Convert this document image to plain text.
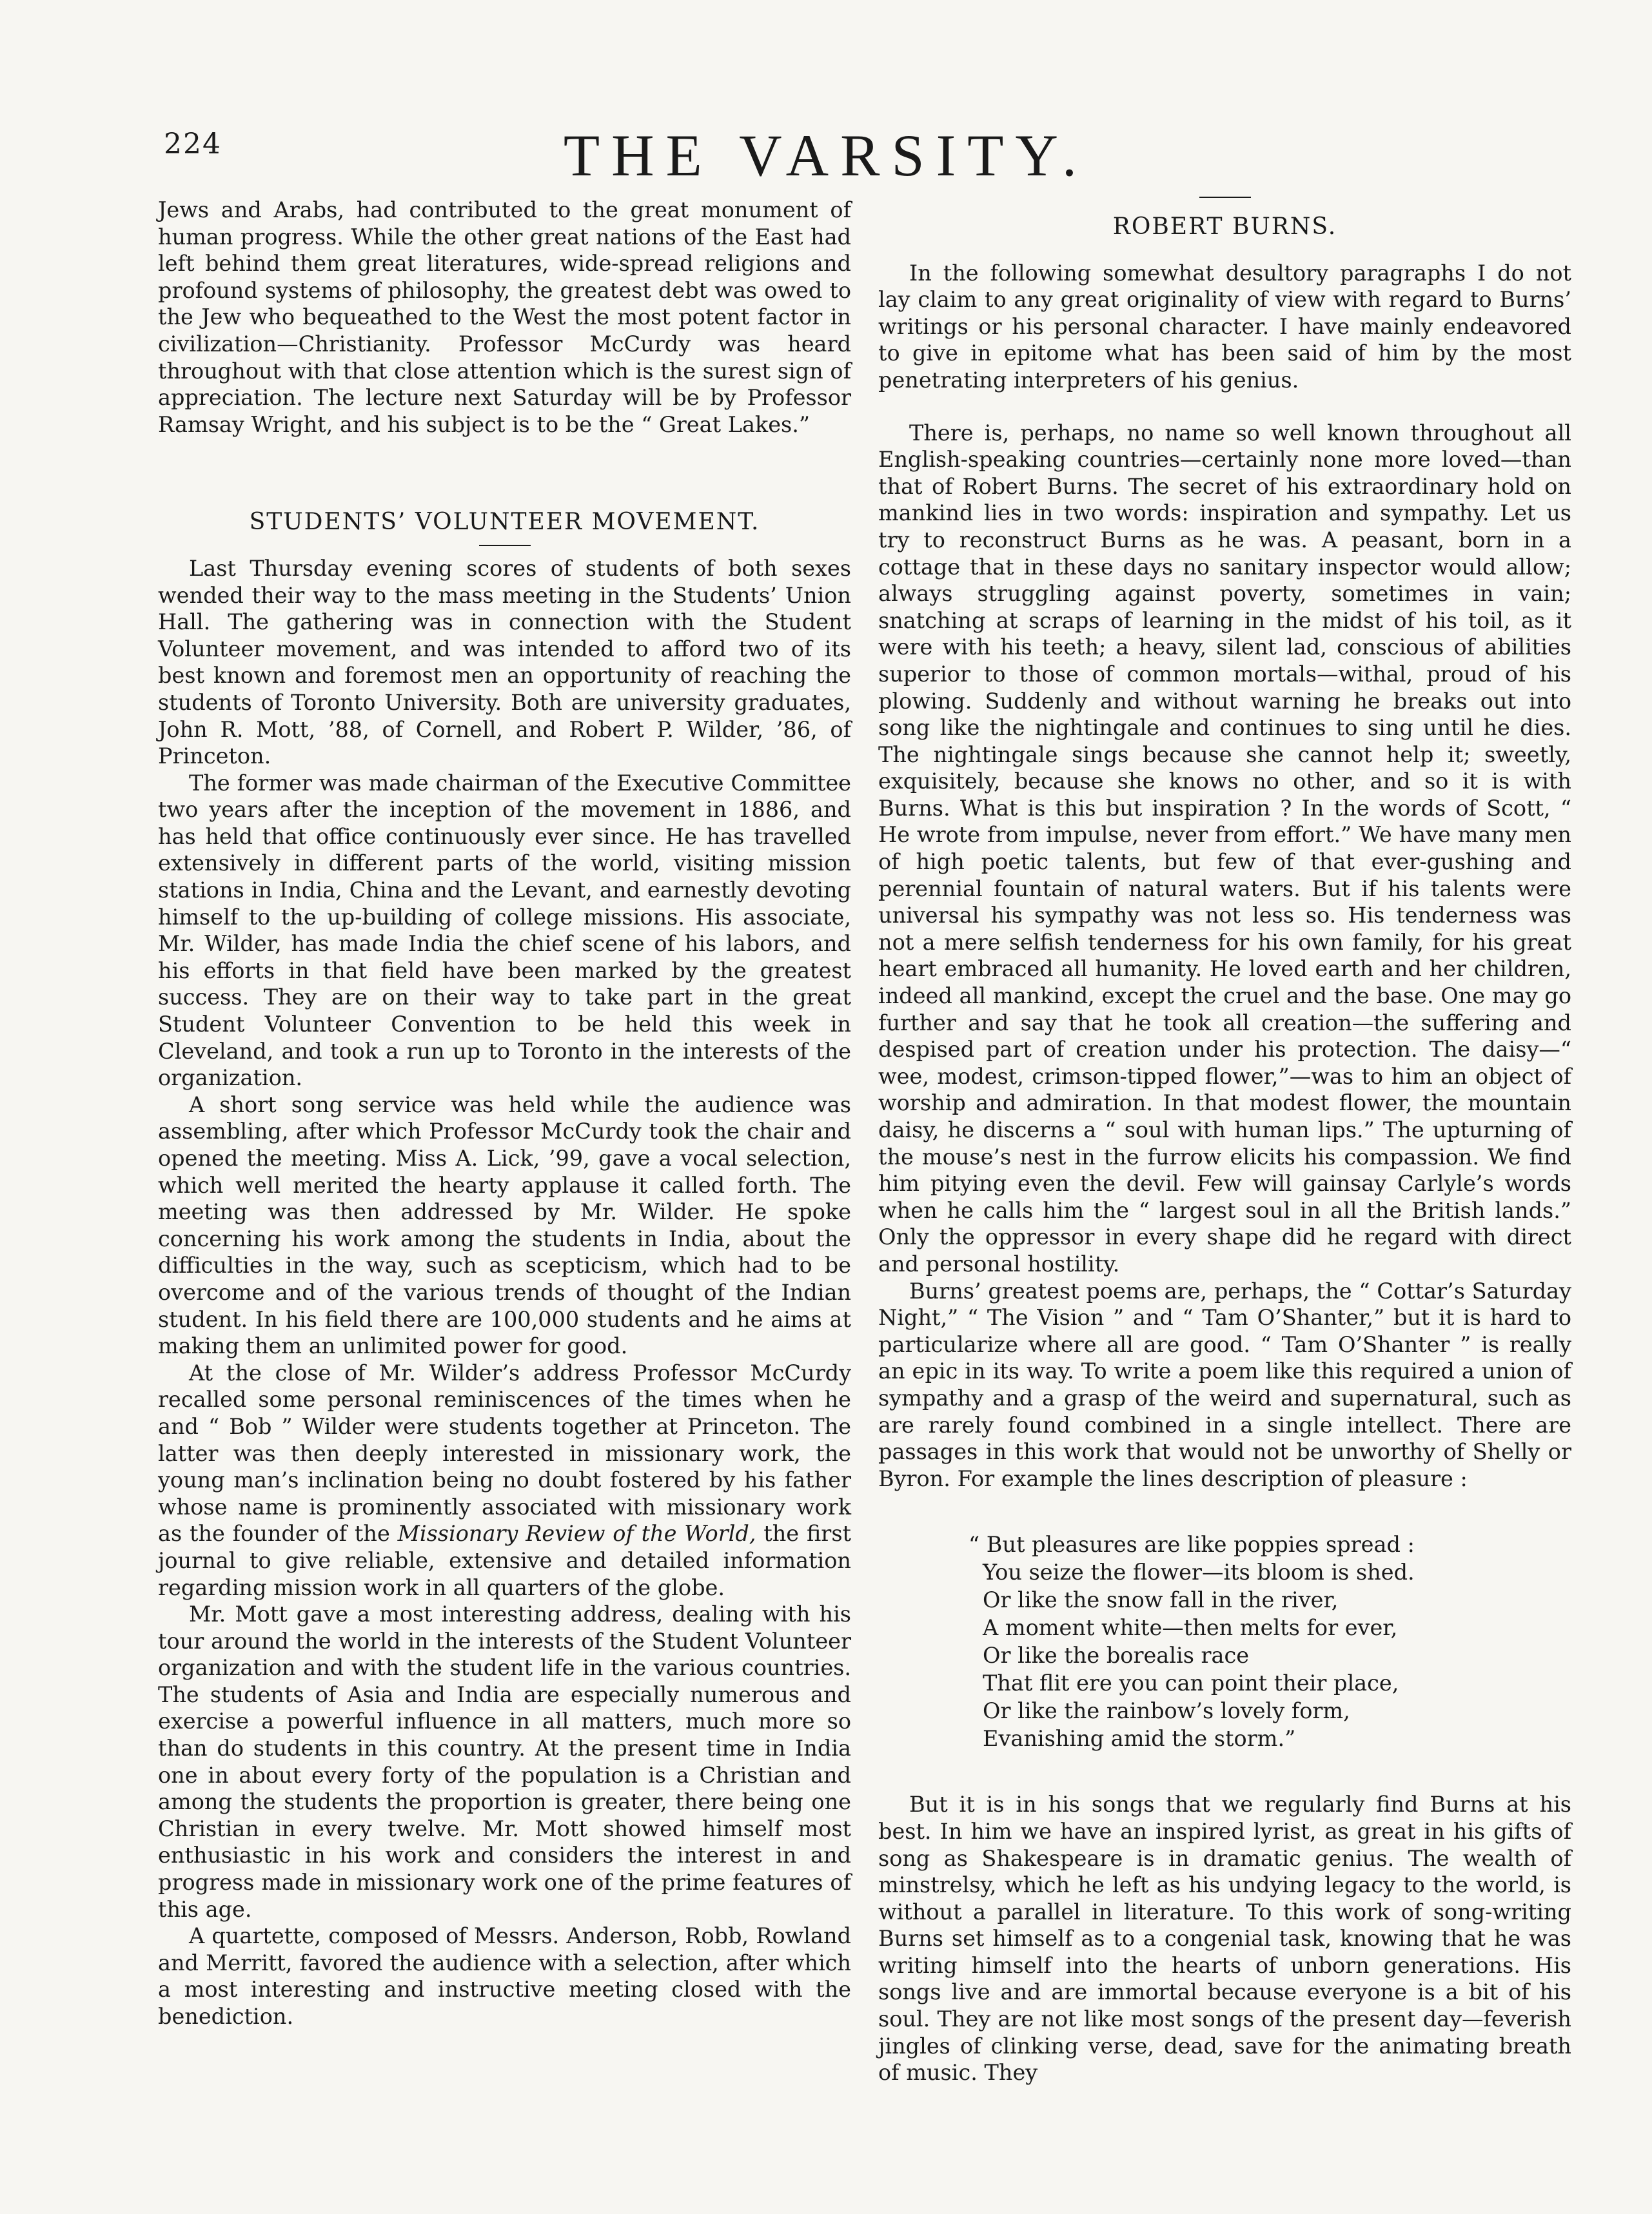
224	THE VARSITY.

Jews and Arabs, had contributed to the great monument of human progress. While the other great nations of the East had left behind them great literatures, wide-spread religions and profound systems of philosophy, the greatest debt was owed to the Jew who bequeathed to the West the most potent factor in civilization—Christianity. Professor McCurdy was heard throughout with that close attention which is the surest sign of appreciation. The lecture next Saturday will be by Professor Ramsay Wright, and his subject is to be the “ Great Lakes.”

STUDENTS’ VOLUNTEER MOVEMENT.

Last Thursday evening scores of students of both sexes wended their way to the mass meeting in the Students’ Union Hall. The gathering was in connection with the Student Volunteer movement, and was intended to afford two of its best known and foremost men an opportunity of reaching the students of Toronto University. Both are university graduates, John R. Mott, ’88, of Cornell, and Robert P. Wilder, ’86, of Princeton.

The former was made chairman of the Executive Committee two years after the inception of the movement in 1886, and has held that office continuously ever since. He has travelled extensively in different parts of the world, visiting mission stations in India, China and the Levant, and earnestly devoting himself to the up-building of college missions. His associate, Mr. Wilder, has made India the chief scene of his labors, and his efforts in that field have been marked by the greatest success. They are on their way to take part in the great Student Volunteer Convention to be held this week in Cleveland, and took a run up to Toronto in the interests of the organization.

A short song service was held while the audience was assembling, after which Professor McCurdy took the chair and opened the meeting. Miss A. Lick, ’99, gave a vocal selection, which well merited the hearty applause it called forth. The meeting was then addressed by Mr. Wilder. He spoke concerning his work among the students in India, about the difficulties in the way, such as scepticism, which had to be overcome and of the various trends of thought of the Indian student. In his field there are 100,000 students and he aims at making them an unlimited power for good.

At the close of Mr. Wilder’s address Professor McCurdy recalled some personal reminiscences of the times when he and “ Bob ” Wilder were students together at Princeton. The latter was then deeply interested in missionary work, the young man’s inclination being no doubt fostered by his father whose name is prominently associated with missionary work as the founder of the Missionary Review of the World, the first journal to give reliable, extensive and detailed information regarding mission work in all quarters of the globe.

Mr. Mott gave a most interesting address, dealing with his tour around the world in the interests of the Student Volunteer organization and with the student life in the various countries. The students of Asia and India are especially numerous and exercise a powerful influence in all matters, much more so than do students in this country. At the present time in India one in about every forty of the population is a Christian and among the students the proportion is greater, there being one Christian in every twelve. Mr. Mott showed himself most enthusiastic in his work and considers the interest in and progress made in missionary work one of the prime features of this age.

A quartette, composed of Messrs. Anderson, Robb, Rowland and Merritt, favored the audience with a selection, after which a most interesting and instructive meeting closed with the benediction.

ROBERT BURNS.

In the following somewhat desultory paragraphs I do not lay claim to any great originality of view with regard to Burns’ writings or his personal character. I have mainly endeavored to give in epitome what has been said of him by the most penetrating interpreters of his genius.

There is, perhaps, no name so well known throughout all English-speaking countries—certainly none more loved—than that of Robert Burns. The secret of his extraordinary hold on mankind lies in two words: inspiration and sympathy. Let us try to reconstruct Burns as he was. A peasant, born in a cottage that in these days no sanitary inspector would allow; always struggling against poverty, sometimes in vain; snatching at scraps of learning in the midst of his toil, as it were with his teeth; a heavy, silent lad, conscious of abilities superior to those of common mortals—withal, proud of his plowing. Suddenly and without warning he breaks out into song like the nightingale and continues to sing until he dies. The nightingale sings because she cannot help it; sweetly, exquisitely, because she knows no other, and so it is with Burns. What is this but inspiration ? In the words of Scott, “ He wrote from impulse, never from effort.” We have many men of high poetic talents, but few of that ever-gushing and perennial fountain of natural waters. But if his talents were universal his sympathy was not less so. His tenderness was not a mere selfish tenderness for his own family, for his great heart embraced all humanity. He loved earth and her children, indeed all mankind, except the cruel and the base. One may go further and say that he took all creation—the suffering and despised part of creation under his protection. The daisy—“ wee, modest, crimson-tipped flower,”—was to him an object of worship and admiration. In that modest flower, the mountain daisy, he discerns a “ soul with human lips.” The upturning of the mouse’s nest in the furrow elicits his compassion. We find him pitying even the devil. Few will gainsay Carlyle’s words when he calls him the “ largest soul in all the British lands.” Only the oppressor in every shape did he regard with direct and personal hostility.

Burns’ greatest poems are, perhaps, the “ Cottar’s Saturday Night,” “ The Vision ” and “ Tam O’Shanter,” but it is hard to particularize where all are good. “ Tam O’Shanter ” is really an epic in its way. To write a poem like this required a union of sympathy and a grasp of the weird and supernatural, such as are rarely found combined in a single intellect. There are passages in this work that would not be unworthy of Shelly or Byron. For example the lines description of pleasure :

“ But pleasures are like poppies spread :
You seize the flower—its bloom is shed.
Or like the snow fall in the river,
A moment white—then melts for ever,
Or like the borealis race
That flit ere you can point their place,
Or like the rainbow’s lovely form,
Evanishing amid the storm.”

But it is in his songs that we regularly find Burns at his best. In him we have an inspired lyrist, as great in his gifts of song as Shakespeare is in dramatic genius. The wealth of minstrelsy, which he left as his undying legacy to the world, is without a parallel in literature. To this work of song-writing Burns set himself as to a congenial task, knowing that he was writing himself into the hearts of unborn generations. His songs live and are immortal because everyone is a bit of his soul. They are not like most songs of the present day—feverish jingles of clinking verse, dead, save for the animating breath of music. They
